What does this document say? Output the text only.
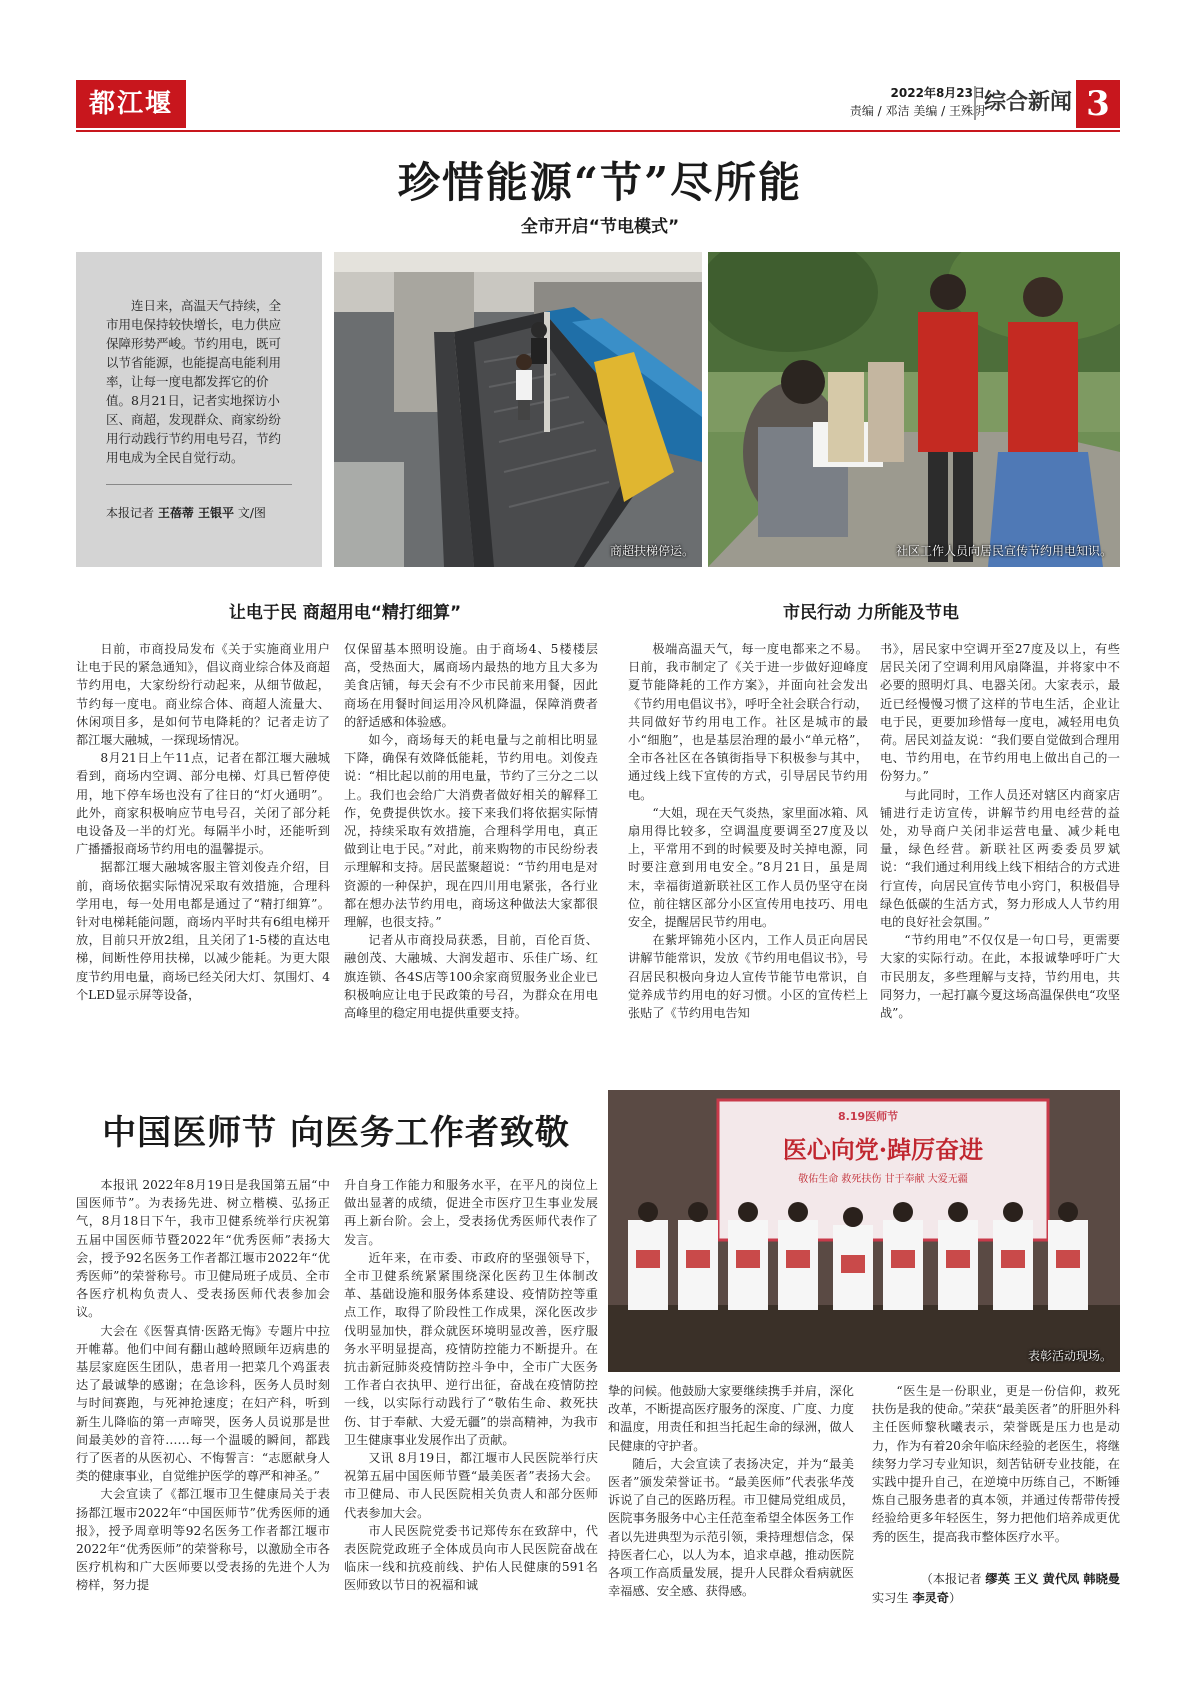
都江堰报
2022年8月23日
责编 / 邓洁 美编 / 王殊玥
综合新闻 3
珍惜能源“节”尽所能
全市开启“节电模式”
连日来，高温天气持续，全市用电保持较快增长，电力供应保障形势严峻。节约用电，既可以节省能源，也能提高电能利用率，让每一度电都发挥它的价值。8月21日，记者实地探访小区、商超，发现群众、商家纷纷用行动践行节约用电号召，节约用电成为全民自觉行动。
本报记者 王蓓蒂 王银平 文/图
商超扶梯停运。	社区工作人员向居民宣传节约用电知识。
让电于民 商超用电“精打细算”	市民行动 力所能及节电

日前，市商投局发布《关于实施商业用户让电于民的紧急通知》，倡议商业综合体及商超节约用电，大家纷纷行动起来，从细节做起，节约每一度电。商业综合体、商超人流量大、休闲项目多，是如何节电降耗的？记者走访了都江堰大融城，一探现场情况。

8月21日上午11点，记者在都江堰大融城看到，商场内空调、部分电梯、灯具已暂停使用，地下停车场也没有了往日的“灯火通明”。此外，商家积极响应节电号召，关闭了部分耗电设备及一半的灯光。每隔半小时，还能听到广播播报商场节约用电的温馨提示。

据都江堰大融城客服主管刘俊垚介绍，目前，商场依据实际情况采取有效措施，合理科学用电，每一处用电都是通过了“精打细算”。针对电梯耗能问题，商场内平时共有6组电梯开放，目前只开放2组，且关闭了1-5楼的直达电梯，间断性停用扶梯，以减少能耗。为更大限度节约用电量，商场已经关闭大灯、氛围灯、4个LED显示屏等设备，

仅保留基本照明设施。由于商场4、5楼楼层高，受热面大，属商场内最热的地方且大多为美食店铺，每天会有不少市民前来用餐，因此商场在用餐时间运用冷风机降温，保障消费者的舒适感和体验感。

如今，商场每天的耗电量与之前相比明显下降，确保有效降低能耗，节约用电。刘俊垚说：“相比起以前的用电量，节约了三分之二以上。我们也会给广大消费者做好相关的解释工作，免费提供饮水。接下来我们将依据实际情况，持续采取有效措施，合理科学用电，真正做到让电于民。”对此，前来购物的市民纷纷表示理解和支持。居民蓝聚超说：“节约用电是对资源的一种保护，现在四川用电紧张，各行业都在想办法节约用电，商场这种做法大家都很理解，也很支持。”

记者从市商投局获悉，目前，百伦百货、融创茂、大融城、大润发超市、乐佳广场、红旗连锁、各4S店等100余家商贸服务业企业已积极响应让电于民政策的号召，为群众在用电高峰里的稳定用电提供重要支持。

极端高温天气，每一度电都来之不易。日前，我市制定了《关于进一步做好迎峰度夏节能降耗的工作方案》，并面向社会发出《节约用电倡议书》，呼吁全社会联合行动，共同做好节约用电工作。社区是城市的最小“细胞”，也是基层治理的最小“单元格”，全市各社区在各镇街指导下积极参与其中，通过线上线下宣传的方式，引导居民节约用电。

“大姐，现在天气炎热，家里面冰箱、风扇用得比较多，空调温度要调至27度及以上，平常用不到的时候要及时关掉电源，同时要注意到用电安全。”8月21日，虽是周末，幸福街道新联社区工作人员仍坚守在岗位，前往辖区部分小区宣传用电技巧、用电安全，提醒居民节约用电。

在紫坪锦苑小区内，工作人员正向居民讲解节能常识，发放《节约用电倡议书》，号召居民积极向身边人宣传节能节电常识，自觉养成节约用电的好习惯。小区的宣传栏上张贴了《节约用电告知

书》，居民家中空调开至27度及以上，有些居民关闭了空调利用风扇降温，并将家中不必要的照明灯具、电器关闭。大家表示，最近已经慢慢习惯了这样的节电生活，企业让电于民，更要加珍惜每一度电，减轻用电负荷。居民刘益友说：“我们要自觉做到合理用电、节约用电，在节约用电上做出自己的一份努力。”

与此同时，工作人员还对辖区内商家店铺进行走访宣传，讲解节约用电经营的益处，劝导商户关闭非运营电量、减少耗电量，绿色经营。新联社区两委委员罗斌说：“我们通过利用线上线下相结合的方式进行宣传，向居民宣传节电小窍门，积极倡导绿色低碳的生活方式，努力形成人人节约用电的良好社会氛围。”

“节约用电”不仅仅是一句口号，更需要大家的实际行动。在此，本报诚挚呼吁广大市民朋友，多些理解与支持，节约用电，共同努力，一起打赢今夏这场高温保供电“攻坚战”。

中国医师节 向医务工作者致敬	8.19医师节
医心向党·踔厉奋进
敬佑生命 救死扶伤 甘于奉献 大爱无疆
表彰活动现场。

本报讯 2022年8月19日是我国第五届“中国医师节”。为表扬先进、树立楷模、弘扬正气，8月18日下午，我市卫健系统举行庆祝第五届中国医师节暨2022年“优秀医师”表扬大会，授予92名医务工作者都江堰市2022年“优秀医师”的荣誉称号。市卫健局班子成员、全市各医疗机构负责人、受表扬医师代表参加会议。

大会在《医誓真情·医路无悔》专题片中拉开帷幕。他们中间有翻山越岭照顾年迈病患的基层家庭医生团队，患者用一把菜几个鸡蛋表达了最诚挚的感谢；在急诊科，医务人员时刻与时间赛跑，与死神抢速度；在妇产科，听到新生儿降临的第一声啼哭，医务人员说那是世间最美妙的音符……每一个温暖的瞬间，都践行了医者的从医初心、不悔誓言：“志愿献身人类的健康事业，自觉维护医学的尊严和神圣。”

大会宣读了《都江堰市卫生健康局关于表扬都江堰市2022年“中国医师节”优秀医师的通报》，授予周章明等92名医务工作者都江堰市2022年“优秀医师”的荣誉称号，以激励全市各医疗机构和广大医师要以受表扬的先进个人为榜样，努力提

升自身工作能力和服务水平，在平凡的岗位上做出显著的成绩，促进全市医疗卫生事业发展再上新台阶。会上，受表扬优秀医师代表作了发言。

近年来，在市委、市政府的坚强领导下，全市卫健系统紧紧围绕深化医药卫生体制改革、基础设施和服务体系建设、疫情防控等重点工作，取得了阶段性工作成果，深化医改步伐明显加快，群众就医环境明显改善，医疗服务水平明显提高，疫情防控能力不断提升。在抗击新冠肺炎疫情防控斗争中，全市广大医务工作者白衣执甲、逆行出征，奋战在疫情防控一线，以实际行动践行了“敬佑生命、救死扶伤、甘于奉献、大爱无疆”的崇高精神，为我市卫生健康事业发展作出了贡献。

又讯 8月19日，都江堰市人民医院举行庆祝第五届中国医师节暨“最美医者”表扬大会。市卫健局、市人民医院相关负责人和部分医师代表参加大会。

市人民医院党委书记郑传东在致辞中，代表医院党政班子全体成员向市人民医院奋战在临床一线和抗疫前线、护佑人民健康的591名医师致以节日的祝福和诚

挚的问候。他鼓励大家要继续携手并肩，深化改革，不断提高医疗服务的深度、广度、力度和温度，用责任和担当托起生命的绿洲，做人民健康的守护者。

随后，大会宣读了表扬决定，并为“最美医者”颁发荣誉证书。“最美医师”代表张华茂诉说了自己的医路历程。市卫健局党组成员，医院事务服务中心主任范奎希望全体医务工作者以先进典型为示范引领，秉持理想信念，保持医者仁心，以人为本，追求卓越，推动医院各项工作高质量发展，提升人民群众看病就医幸福感、安全感、获得感。

“医生是一份职业，更是一份信仰，救死扶伤是我的使命。”荣获“最美医者”的肝胆外科主任医师黎秋曦表示，荣誉既是压力也是动力，作为有着20余年临床经验的老医生，将继续努力学习专业知识，刻苦钻研专业技能，在实践中提升自己，在逆境中历练自己，不断锤炼自己服务患者的真本领，并通过传帮带传授经验给更多年轻医生，努力把他们培养成更优秀的医生，提高我市整体医疗水平。

（本报记者 缪英 王义 黄代凤 韩晓曼
实习生 李灵奇）
